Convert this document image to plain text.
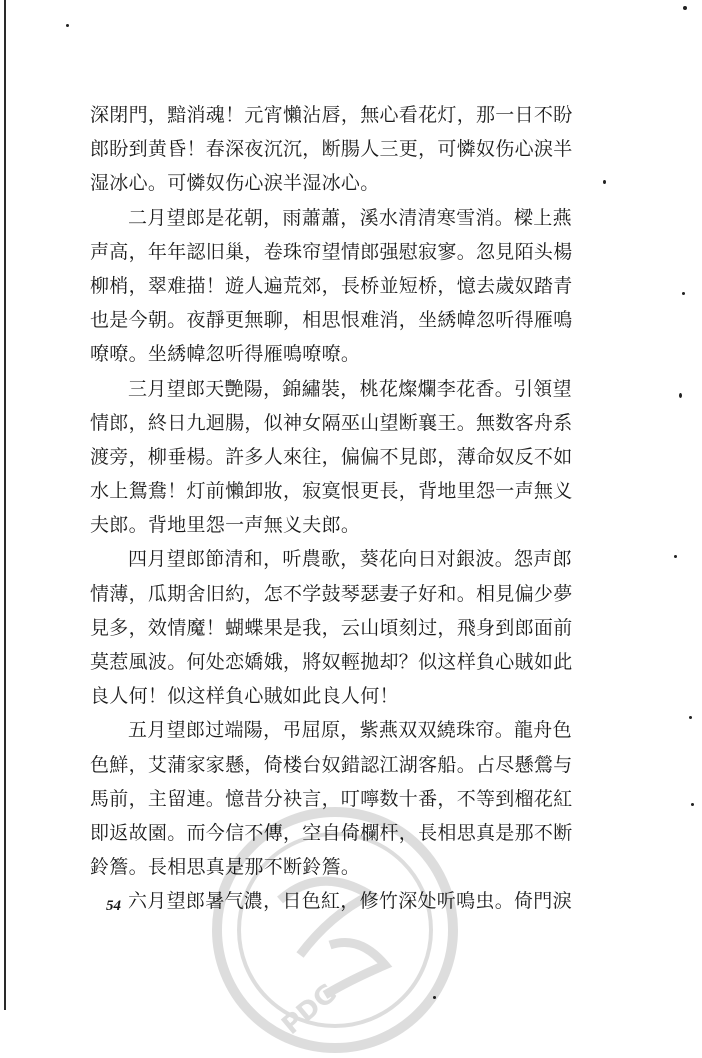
深閉門，黯消魂！元宵懶沾唇，無心看花灯，那一日不盼
郎盼到黄昏！春深夜沉沉，断腸人三更，可憐奴伤心淚半
湿冰心。可憐奴伤心淚半湿冰心。
二月望郎是花朝，雨蕭蕭，溪水清清寒雪消。樑上燕
声高，年年認旧巢，卷珠帘望情郎强慰寂寥。忽見陌头楊
柳梢，翠难描！遊人遍荒郊，長桥並短桥，憶去歲奴踏青
也是今朝。夜靜更無聊，相思恨难消，坐綉幃忽听得雁鳴
嘹嘹。坐綉幃忽听得雁鳴嘹嘹。
三月望郎天艷陽，錦繡裝，桃花燦爛李花香。引領望
情郎，終日九迴腸，似神女隔巫山望断襄王。無数客舟系
渡旁，柳垂楊。許多人來往，偏偏不見郎，薄命奴反不如
水上鴛鴦！灯前懶卸妝，寂寞恨更長，背地里怨一声無义
夫郎。背地里怨一声無义夫郎。
四月望郎節清和，听農歌，葵花向日对銀波。怨声郎
情薄，瓜期舍旧約，怎不学鼓琴瑟妻子好和。相見偏少夢
見多，效情魔！蝴蝶果是我，云山頃刻过，飛身到郎面前
莫惹風波。何处恋嬌娥，將奴輕拋却？似这样負心賊如此
良人何！似这样負心賊如此良人何！
五月望郎过端陽，弔屈原，紫燕双双繞珠帘。龍舟色
色鮮，艾蒲家家懸，倚楼台奴錯認江湖客船。占尽懸鶯与
馬前，主留連。憶昔分袂言，叮嚀数十番，不等到榴花紅
即返故園。而今信不傳，空自倚欄杆，長相思真是那不断
鈴簷。長相思真是那不断鈴簷。
六月望郎暑气濃，日色紅，修竹深处听鳴虫。倚門淚
54
PDG
